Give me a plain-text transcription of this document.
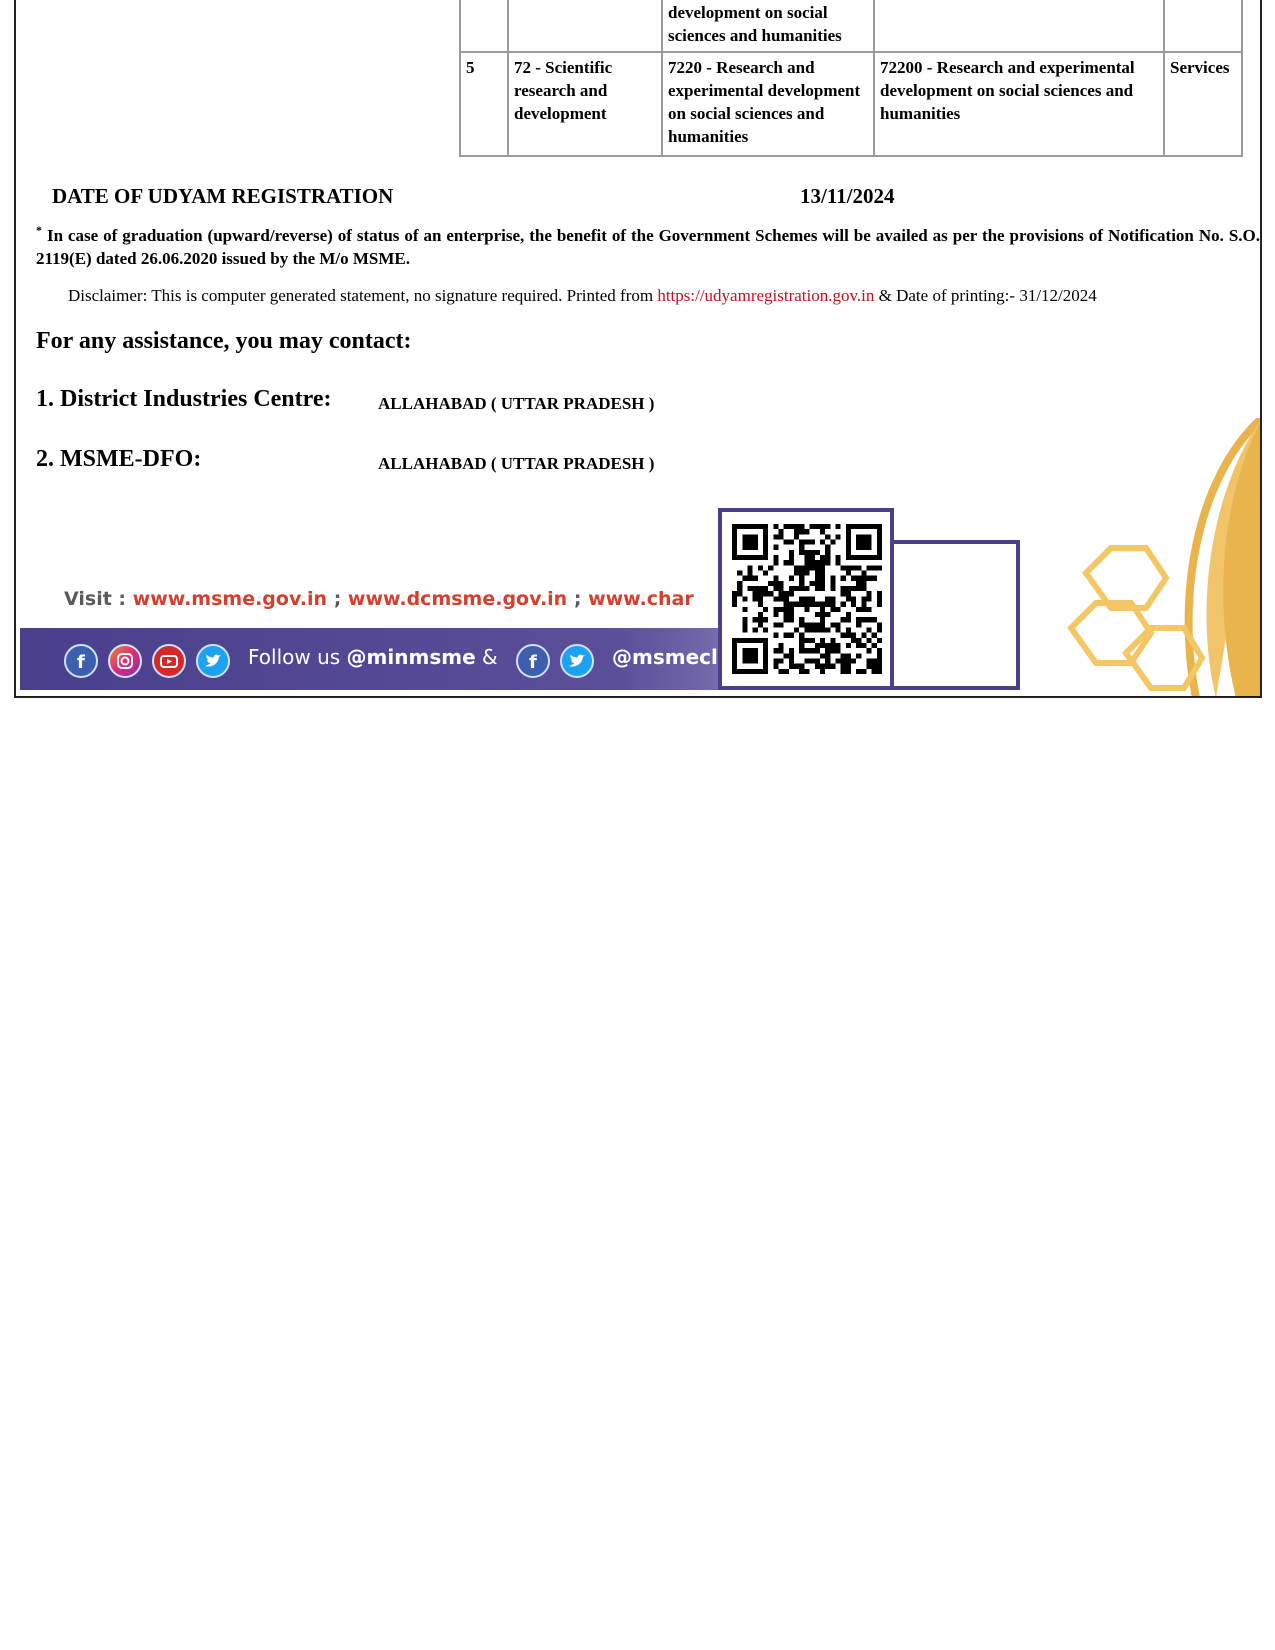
		development on social sciences and humanities		
5	72 - Scientific research and development	7220 - Research and experimental development on social sciences and humanities	72200 - Research and experimental development on social sciences and humanities	Services
DATE OF UDYAM REGISTRATION	13/11/2024
* In case of graduation (upward/reverse) of status of an enterprise, the benefit of the Government Schemes will be availed as per the provisions of Notification No. S.O. 2119(E) dated 26.06.2020 issued by the M/o MSME.
Disclaimer: This is computer generated statement, no signature required. Printed from https://udyamregistration.gov.in & Date of printing:- 31/12/2024
For any assistance, you may contact:
1. District Industries Centre:	ALLAHABAD ( UTTAR PRADESH )
2. MSME-DFO:	ALLAHABAD ( UTTAR PRADESH )
Visit : www.msme.gov.in ; www.dcmsme.gov.in ; www.char
f	Follow us @minmsme & f	@msmecl
